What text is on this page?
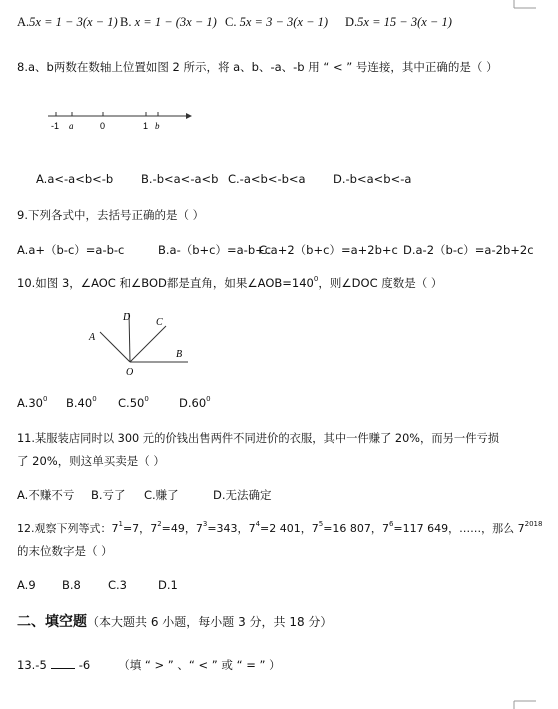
A.5x = 1 − 3(x − 1) B. x = 1 − (3x − 1) C. 5x = 3 − 3(x − 1) D.5x = 15 − 3(x − 1)
8.a、b两数在数轴上位置如图 2 所示，将 a、b、-a、-b 用 “ < ” 号连接，其中正确的是（ ）
-1 a	0	1 b
A.a<-a<b<-b B.-b<a<-a<b C.-a<b<-b<a D.-b<a<b<-a
9.下列各式中，去括号正确的是（ ）
A.a+（b-c）=a-b-c	B.a-（b+c）=a-b+c
C.a+2（b+c）=a+2b+c D.a-2（b-c）=a-2b+2c
10.如图 3，∠AOC 和∠BOD都是直角，如果$\angle AOB=140^0$，则∠DOC 度数是（ ）
A
D	C
B
O
$A.30^0$ $B.40^0$ $C.50^0$	$D.60^0$
11.某服装店同时以 300 元的价钱出售两件不同进价的衣服，其中一件赚了 20%，而另一件亏损
了 20%，则这单买卖是（ ）
A.不赚不亏 B.亏了 C.赚了	D.无法确定
12.观察下列等式：$7^1=7$，$7^2=49$，$7^3=343$，$7^4=2$ 401，$7^5=16$ 807，$7^6=117$ 649，……，那么 $7^{2018}$
的末位数字是（ ）
A.9 B.8 C.3	D.1
二、填空题（本大题共 6 小题，每小题 3 分，共 18 分）
13.-5	-6 （填 “ > ” 、“ < ” 或 “ = ” ）
